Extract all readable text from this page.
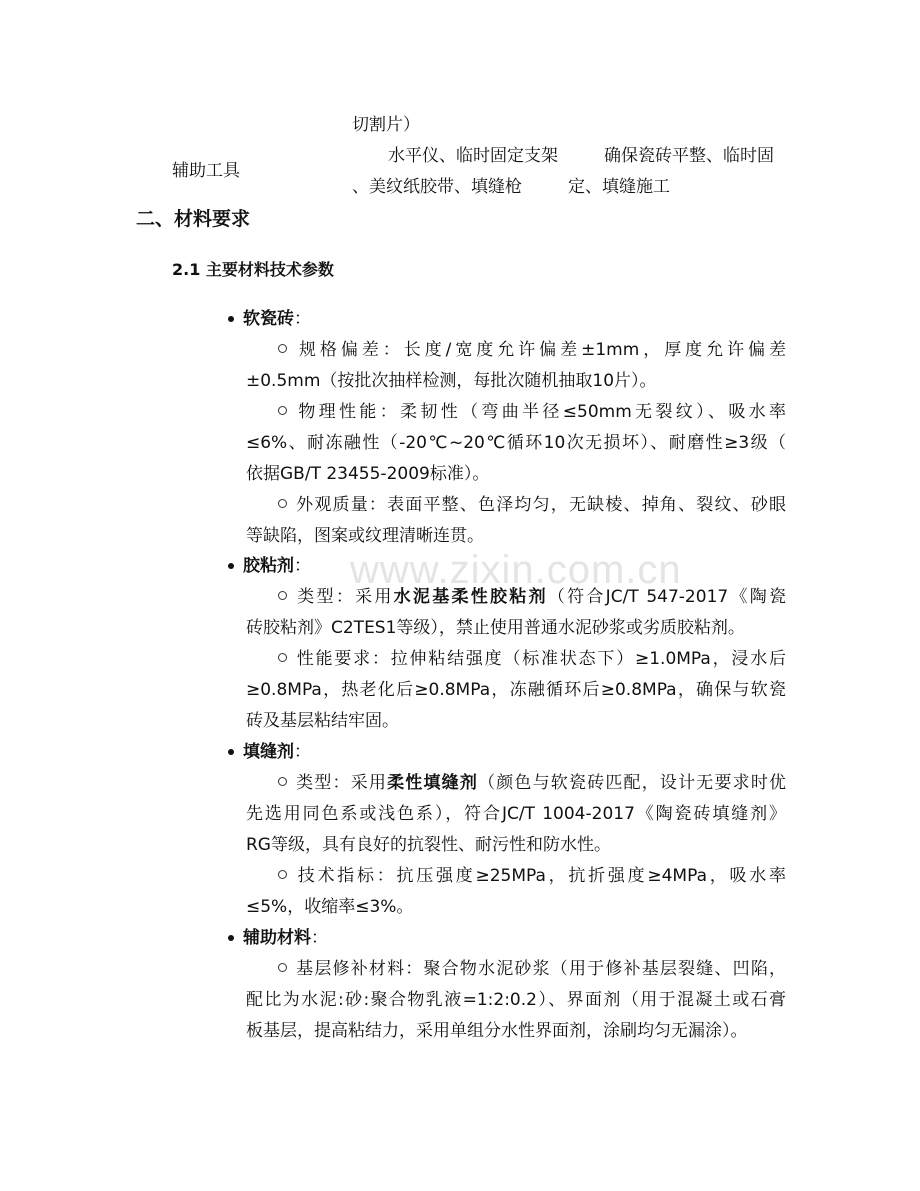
www.zixin.com.cn
切割片）
辅助工具
水平仪、临时固定支架
、美纹纸胶带、填缝枪
确保瓷砖平整、临时固
定、填缝施工
二、材料要求
2.1 主要材料技术参数
软瓷砖：
规格偏差：长度/宽度允许偏差±1mm，厚度允许偏差
±0.5mm（按批次抽样检测，每批次随机抽取10片）。
物理性能：柔韧性（弯曲半径≤50mm无裂纹）、吸水率
≤6%、耐冻融性（-20℃~20℃循环10次无损坏）、耐磨性≥3级（
依据GB/T 23455-2009标准）。
外观质量：表面平整、色泽均匀，无缺棱、掉角、裂纹、砂眼
等缺陷，图案或纹理清晰连贯。
胶粘剂：
类型：采用水泥基柔性胶粘剂（符合JC/T 547-2017《陶瓷
砖胶粘剂》C2TES1等级），禁止使用普通水泥砂浆或劣质胶粘剂。
性能要求：拉伸粘结强度（标准状态下）≥1.0MPa，浸水后
≥0.8MPa，热老化后≥0.8MPa，冻融循环后≥0.8MPa，确保与软瓷
砖及基层粘结牢固。
填缝剂：
类型：采用柔性填缝剂（颜色与软瓷砖匹配，设计无要求时优
先选用同色系或浅色系），符合JC/T 1004-2017《陶瓷砖填缝剂》
RG等级，具有良好的抗裂性、耐污性和防水性。
技术指标：抗压强度≥25MPa，抗折强度≥4MPa，吸水率
≤5%，收缩率≤3%。
辅助材料：
基层修补材料：聚合物水泥砂浆（用于修补基层裂缝、凹陷，
配比为水泥:砂:聚合物乳液=1:2:0.2）、界面剂（用于混凝土或石膏
板基层，提高粘结力，采用单组分水性界面剂，涂刷均匀无漏涂）。
